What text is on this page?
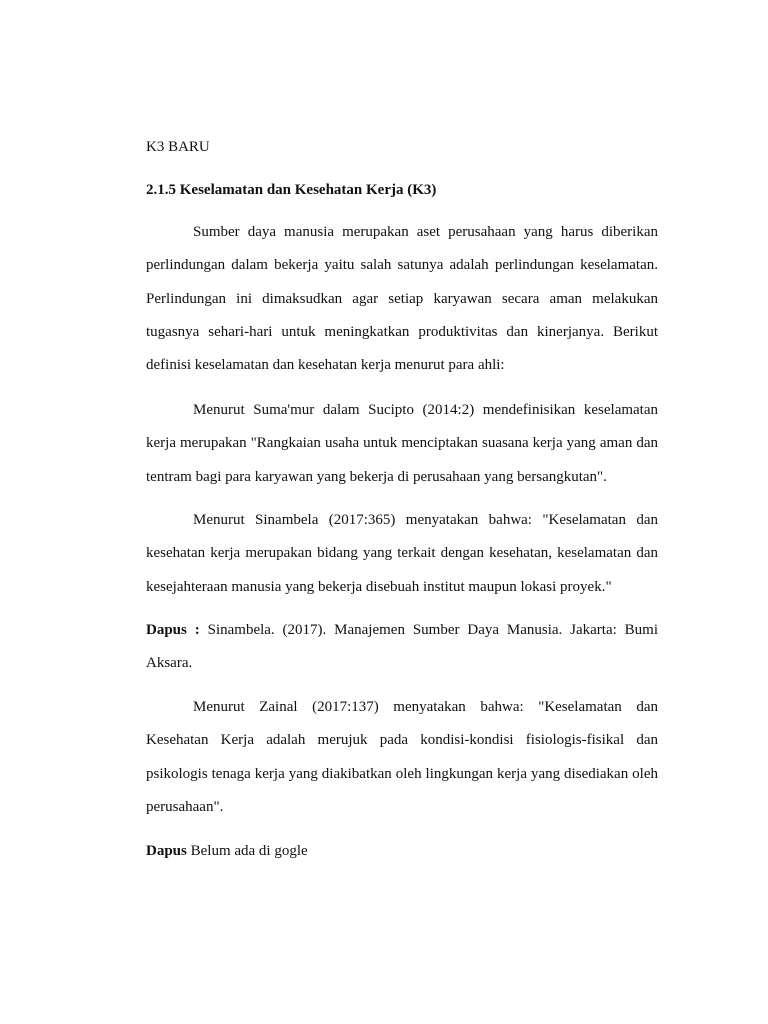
K3 BARU

2.1.5 Keselamatan dan Kesehatan Kerja (K3)

Sumber daya manusia merupakan aset perusahaan yang harus diberikan perlindungan dalam bekerja yaitu salah satunya adalah perlindungan keselamatan. Perlindungan ini dimaksudkan agar setiap karyawan secara aman melakukan tugasnya sehari-hari untuk meningkatkan produktivitas dan kinerjanya. Berikut definisi keselamatan dan kesehatan kerja menurut para ahli:

Menurut Suma'mur dalam Sucipto (2014:2) mendefinisikan keselamatan kerja merupakan "Rangkaian usaha untuk menciptakan suasana kerja yang aman dan tentram bagi para karyawan yang bekerja di perusahaan yang bersangkutan".

Menurut Sinambela (2017:365) menyatakan bahwa: "Keselamatan dan kesehatan kerja merupakan bidang yang terkait dengan kesehatan, keselamatan dan kesejahteraan manusia yang bekerja disebuah institut maupun lokasi proyek."

Dapus : Sinambela. (2017). Manajemen Sumber Daya Manusia. Jakarta: Bumi Aksara.

Menurut Zainal (2017:137) menyatakan bahwa: "Keselamatan dan Kesehatan Kerja adalah merujuk pada kondisi-kondisi fisiologis-fisikal dan psikologis tenaga kerja yang diakibatkan oleh lingkungan kerja yang disediakan oleh perusahaan".

Dapus Belum ada di gogle
